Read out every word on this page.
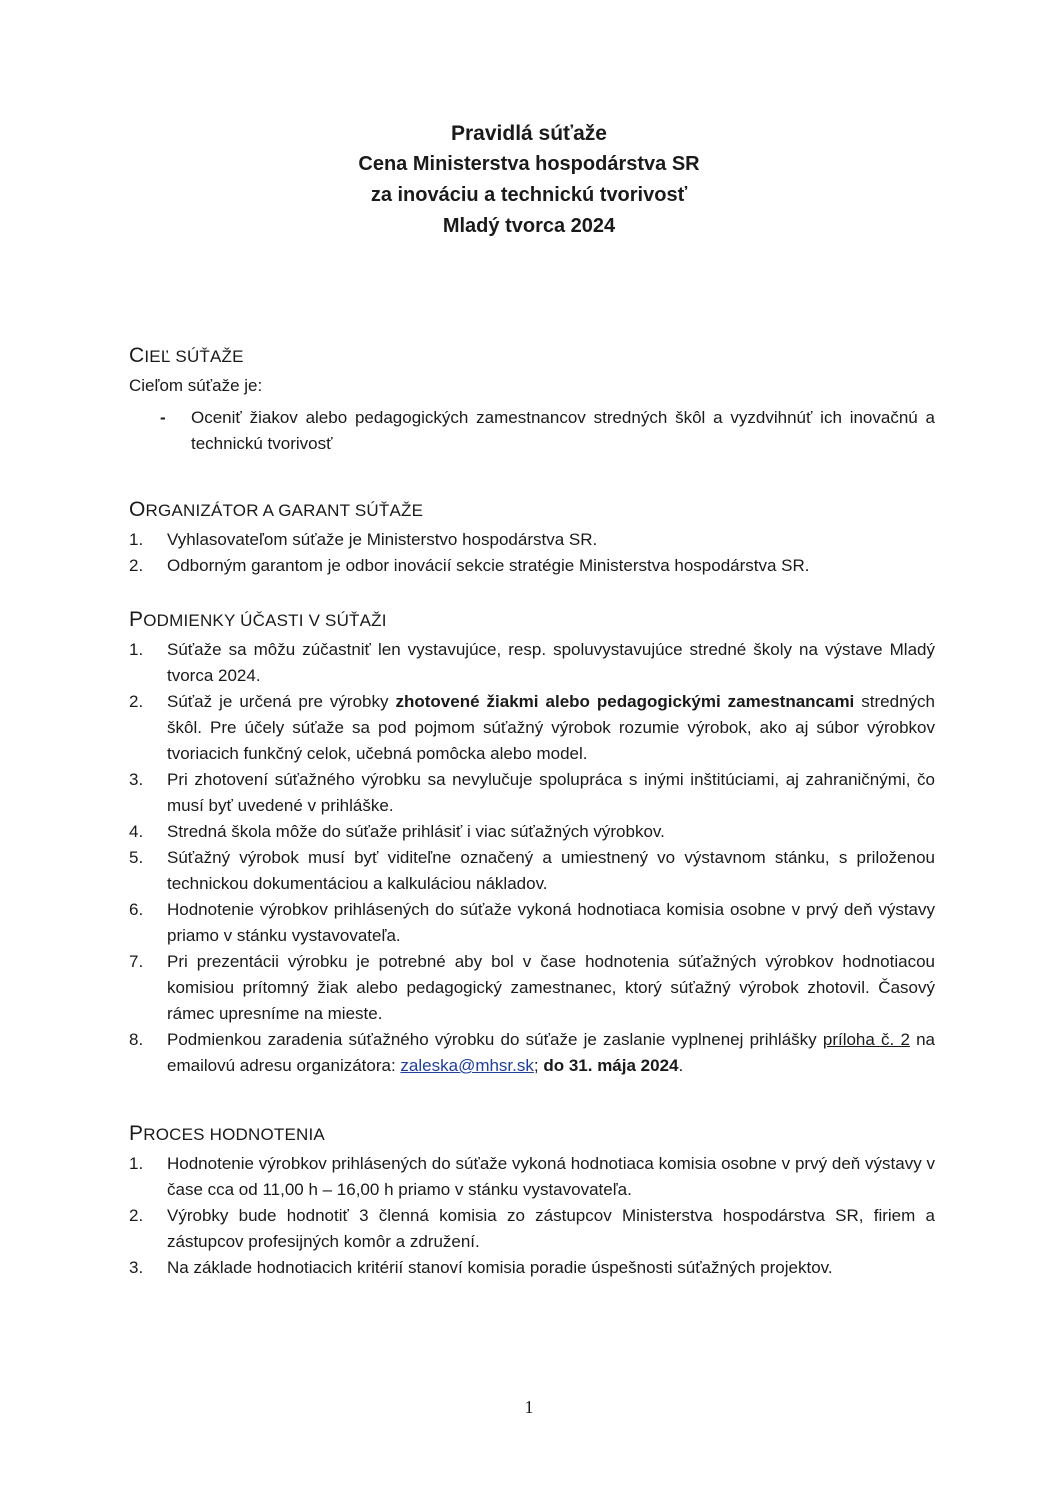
Pravidlá súťaže
Cena Ministerstva hospodárstva SR
za inováciu a technickú tvorivosť
Mladý tvorca 2024
CIEĽ SÚŤAŽE

Cieľom súťaže je:

- Oceniť žiakov alebo pedagogických zamestnancov stredných škôl a vyzdvihnúť ich inovačnú a technickú tvorivosť
ORGANIZÁTOR A GARANT SÚŤAŽE
1. Vyhlasovateľom súťaže je Ministerstvo hospodárstva SR.
2. Odborným garantom je odbor inovácií sekcie stratégie Ministerstva hospodárstva SR.
PODMIENKY ÚČASTI V SÚŤAŽI
1. Súťaže sa môžu zúčastniť len vystavujúce, resp. spoluvystavujúce stredné školy na výstave Mladý tvorca 2024.
2. Súťaž je určená pre výrobky zhotovené žiakmi alebo pedagogickými zamestnancami stredných škôl. Pre účely súťaže sa pod pojmom súťažný výrobok rozumie výrobok, ako aj súbor výrobkov tvoriacich funkčný celok, učebná pomôcka alebo model.
3. Pri zhotovení súťažného výrobku sa nevylučuje spolupráca s inými inštitúciami, aj zahraničnými, čo musí byť uvedené v prihláške.
4. Stredná škola môže do súťaže prihlásiť i viac súťažných výrobkov.
5. Súťažný výrobok musí byť viditeľne označený a umiestnený vo výstavnom stánku, s priloženou technickou dokumentáciou a kalkuláciou nákladov.
6. Hodnotenie výrobkov prihlásených do súťaže vykoná hodnotiaca komisia osobne v prvý deň výstavy priamo v stánku vystavovateľa.
7. Pri prezentácii výrobku je potrebné aby bol v čase hodnotenia súťažných výrobkov hodnotiacou komisiou prítomný žiak alebo pedagogický zamestnanec, ktorý súťažný výrobok zhotovil. Časový rámec upresníme na mieste.
8. Podmienkou zaradenia súťažného výrobku do súťaže je zaslanie vyplnenej prihlášky príloha č. 2 na emailovú adresu organizátora: zaleska@mhsr.sk; do 31. mája 2024.
PROCES HODNOTENIA
1. Hodnotenie výrobkov prihlásených do súťaže vykoná hodnotiaca komisia osobne v prvý deň výstavy v čase cca od 11,00 h – 16,00 h priamo v stánku vystavovateľa.
2. Výrobky bude hodnotiť 3 členná komisia zo zástupcov Ministerstva hospodárstva SR, firiem a zástupcov profesijných komôr a združení.
3. Na základe hodnotiacich kritérií stanoví komisia poradie úspešnosti súťažných projektov.
1
